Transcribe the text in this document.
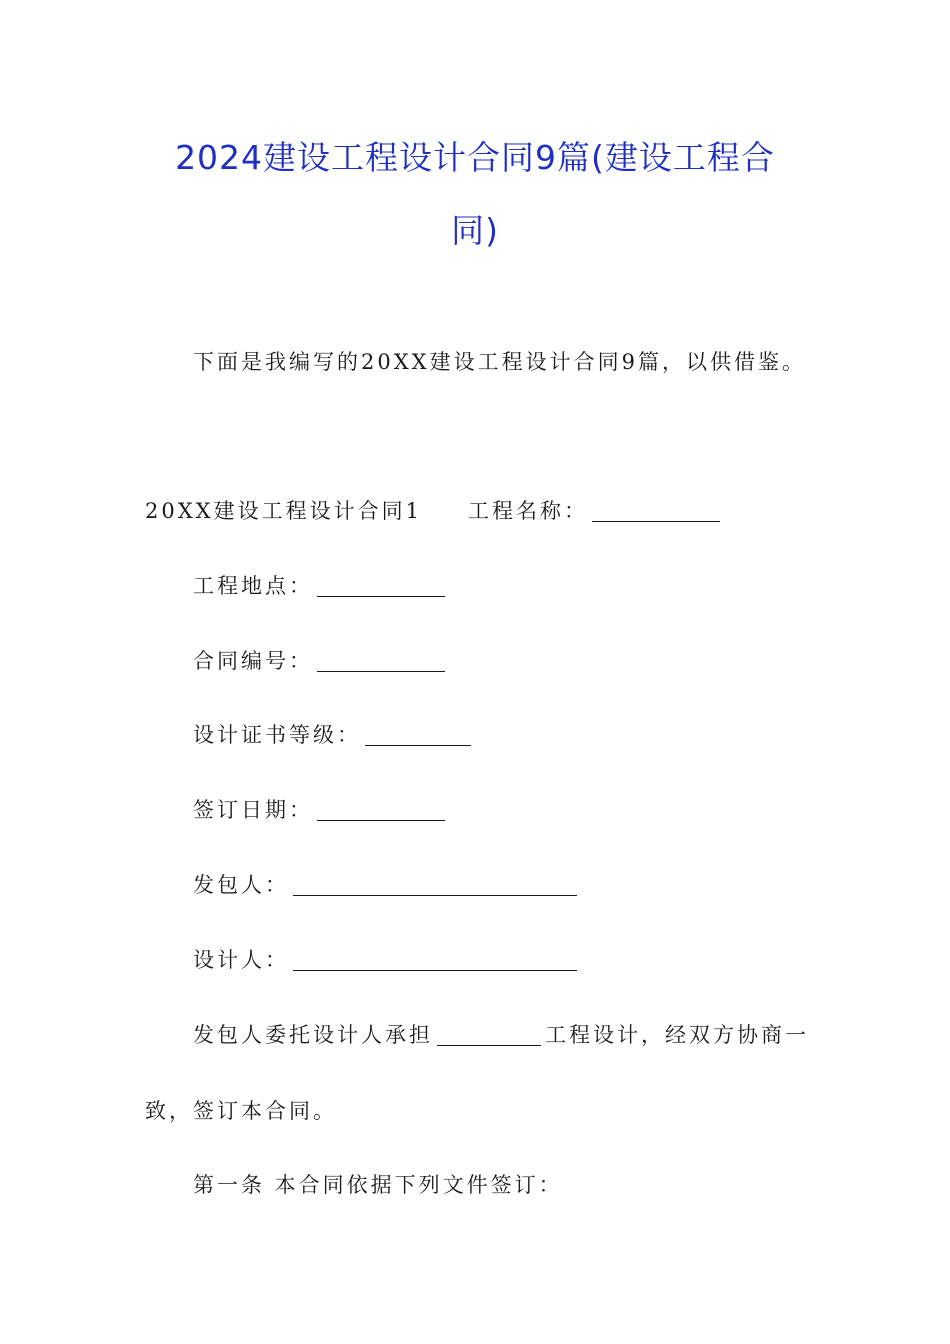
2024建设工程设计合同9篇(建设工程合
同)
下面是我编写的20XX建设工程设计合同9篇，以供借鉴。
20XX建设工程设计合同1 工程名称：
工程地点：
合同编号：
设计证书等级：
签订日期：
发包人：
设计人：
发包人委托设计人承担	工程设计，经双方协商一
致，签订本合同。
第一条 本合同依据下列文件签订：
